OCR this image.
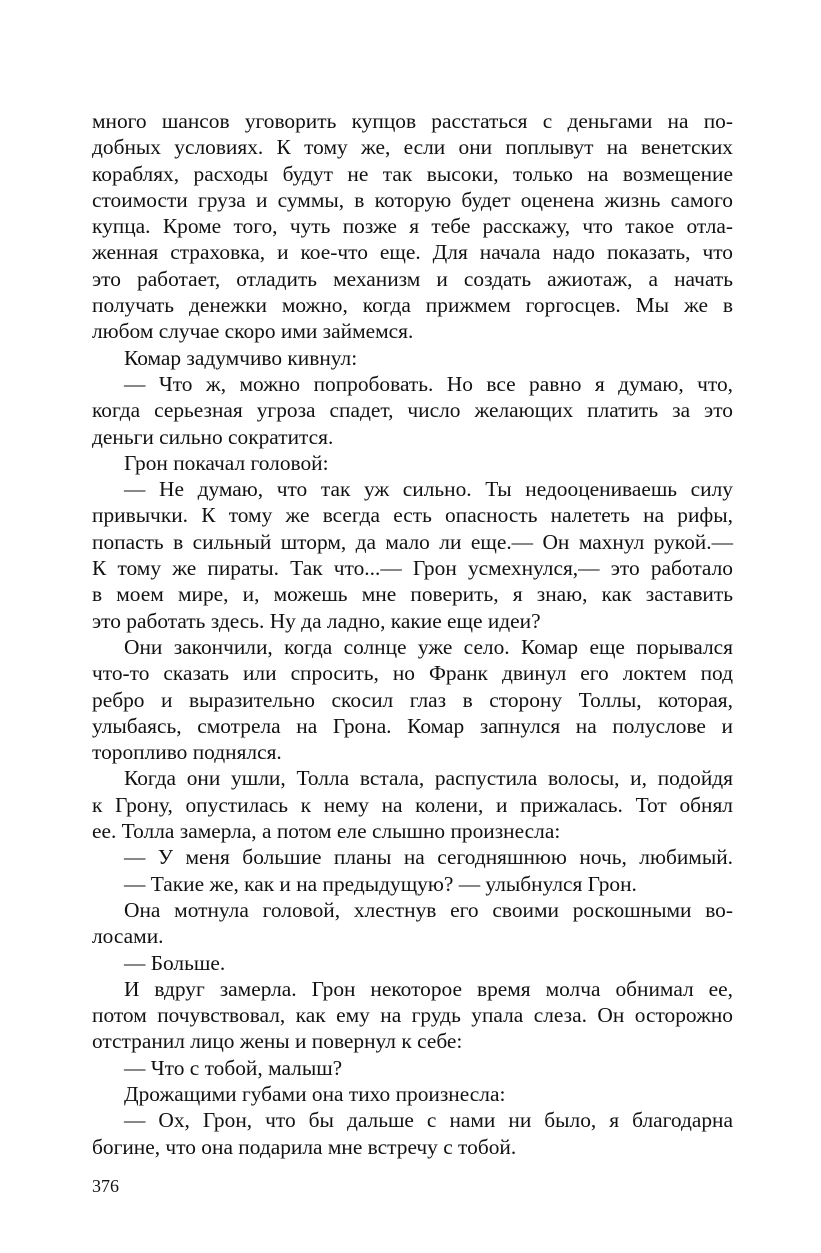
много шансов уговорить купцов расстаться с деньгами на по-
добных условиях. К тому же, если они поплывут на венетских
кораблях, расходы будут не так высоки, только на возмещение
стоимости груза и суммы, в которую будет оценена жизнь самого
купца. Кроме того, чуть позже я тебе расскажу, что такое отла-
женная страховка, и кое-что еще. Для начала надо показать, что
это работает, отладить механизм и создать ажиотаж, а начать
получать денежки можно, когда прижмем горгосцев. Мы же в
любом случае скоро ими займемся.
Комар задумчиво кивнул:
— Что ж, можно попробовать. Но все равно я думаю, что,
когда серьезная угроза спадет, число желающих платить за это
деньги сильно сократится.
Грон покачал головой:
— Не думаю, что так уж сильно. Ты недооцениваешь силу
привычки. К тому же всегда есть опасность налететь на рифы,
попасть в сильный шторм, да мало ли еще.— Он махнул рукой.—
К тому же пираты. Так что...— Грон усмехнулся,— это работало
в моем мире, и, можешь мне поверить, я знаю, как заставить
это работать здесь. Ну да ладно, какие еще идеи?
Они закончили, когда солнце уже село. Комар еще порывался
что-то сказать или спросить, но Франк двинул его локтем под
ребро и выразительно скосил глаз в сторону Толлы, которая,
улыбаясь, смотрела на Грона. Комар запнулся на полуслове и
торопливо поднялся.
Когда они ушли, Толла встала, распустила волосы, и, подойдя
к Грону, опустилась к нему на колени, и прижалась. Тот обнял
ее. Толла замерла, а потом еле слышно произнесла:
— У меня большие планы на сегодняшнюю ночь, любимый.
— Такие же, как и на предыдущую? — улыбнулся Грон.
Она мотнула головой, хлестнув его своими роскошными во-
лосами.
— Больше.
И вдруг замерла. Грон некоторое время молча обнимал ее,
потом почувствовал, как ему на грудь упала слеза. Он осторожно
отстранил лицо жены и повернул к себе:
— Что с тобой, малыш?
Дрожащими губами она тихо произнесла:
— Ох, Грон, что бы дальше с нами ни было, я благодарна
богине, что она подарила мне встречу с тобой.
376
